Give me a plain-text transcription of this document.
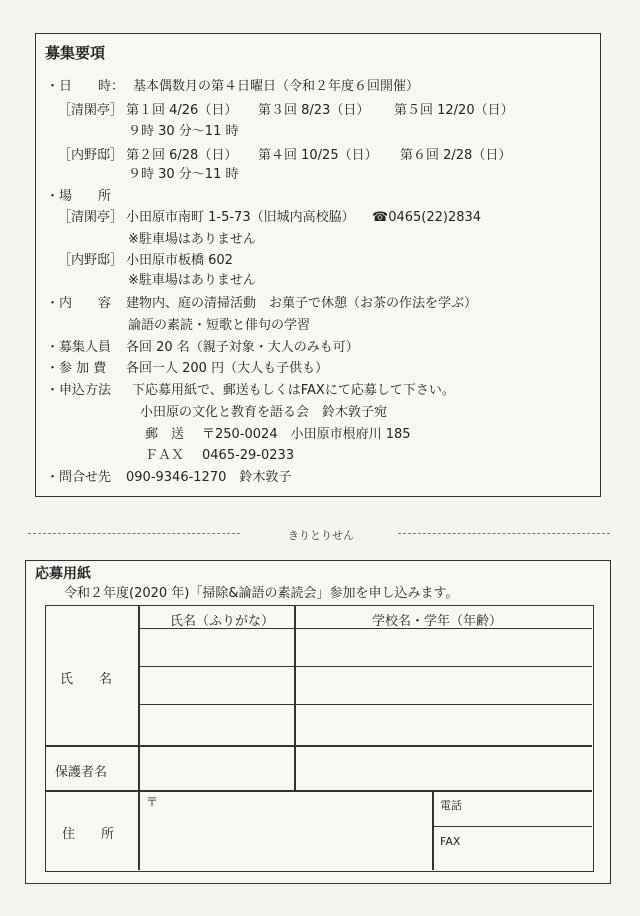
募集要項
・日　　時： 基本偶数月の第４日曜日（令和２年度６回開催）
［清閑亭］ 第１回 4/26（日） 第３回 8/23（日） 第５回 12/20（日）
９時 30 分～11 時
［内野邸］ 第２回 6/28（日） 第４回 10/25（日） 第６回 2/28（日）
９時 30 分～11 時
・場　　所
［清閑亭］ 小田原市南町 1-5-73（旧城内高校脇） ☎0465(22)2834
※駐車場はありません
［内野邸］ 小田原市板橋 602
※駐車場はありません
・内　　容 建物内、庭の清掃活動　お菓子で休憩（お茶の作法を学ぶ）
論語の素読・短歌と俳句の学習
・募集人員 各回 20 名（親子対象・大人のみも可）
・参 加 費 各回一人 200 円（大人も子供も）
・申込方法 下応募用紙で、郵送もしくはFAXにて応募して下さい。
小田原の文化と教育を語る会　鈴木敦子宛
郵　送 〒250-0024　小田原市根府川 185
ＦＡＸ 0465-29-0233
・問合せ先 090-9346-1270　鈴木敦子
きりとりせん
応募用紙
令和２年度(2020 年)「掃除&論語の素読会」参加を申し込みます。
氏名（ふりがな）	学校名・学年（年齢）
氏　　名
保護者名
住　　所
〒	電話
FAX
